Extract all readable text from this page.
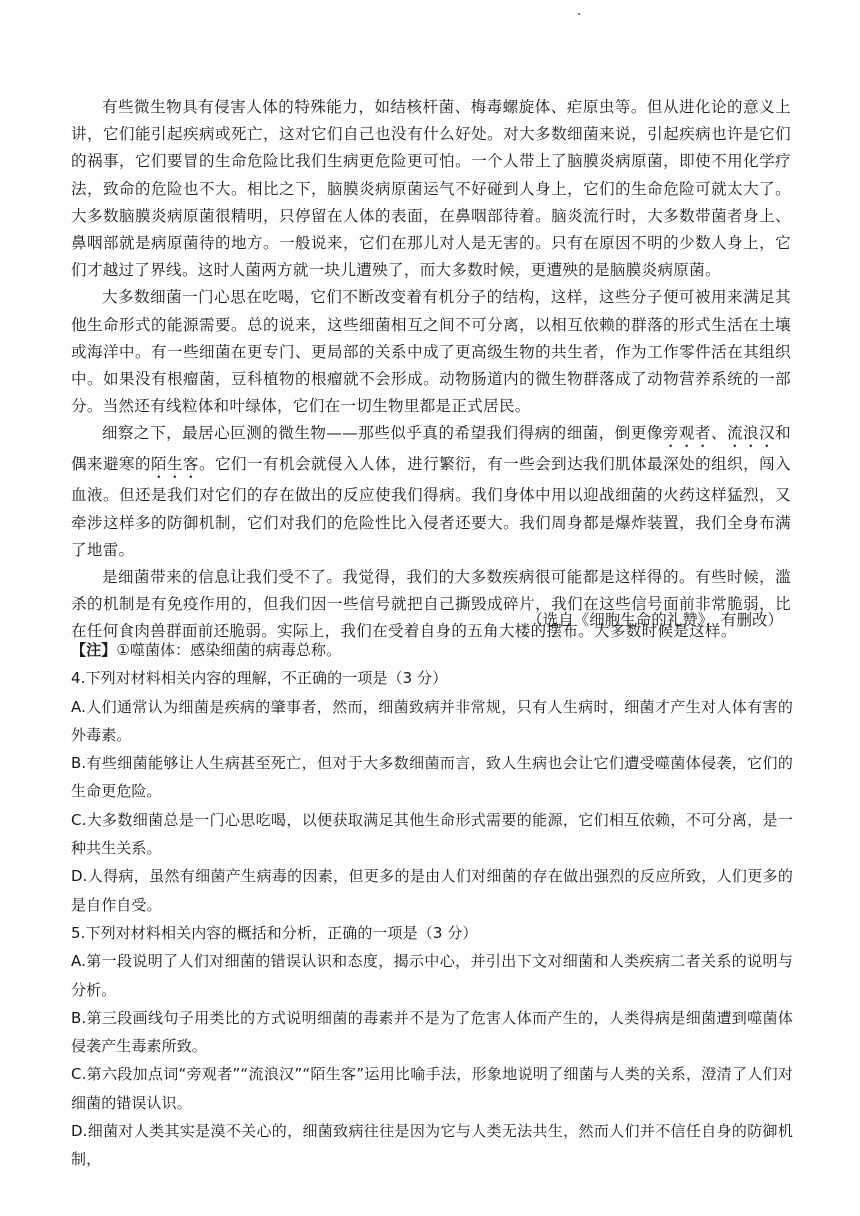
有些微生物具有侵害人体的特殊能力，如结核杆菌、梅毒螺旋体、疟原虫等。但从进化论的意义上讲，它们能引起疾病或死亡，这对它们自己也没有什么好处。对大多数细菌来说，引起疾病也许是它们的祸事，它们要冒的生命危险比我们生病更危险更可怕。一个人带上了脑膜炎病原菌，即使不用化学疗法，致命的危险也不大。相比之下，脑膜炎病原菌运气不好碰到人身上，它们的生命危险可就太大了。大多数脑膜炎病原菌很精明，只停留在人体的表面，在鼻咽部待着。脑炎流行时，大多数带菌者身上、鼻咽部就是病原菌待的地方。一般说来，它们在那儿对人是无害的。只有在原因不明的少数人身上，它们才越过了界线。这时人菌两方就一块儿遭殃了，而大多数时候，更遭殃的是脑膜炎病原菌。

大多数细菌一门心思在吃喝，它们不断改变着有机分子的结构，这样，这些分子便可被用来满足其他生命形式的能源需要。总的说来，这些细菌相互之间不可分离，以相互依赖的群落的形式生活在土壤或海洋中。有一些细菌在更专门、更局部的关系中成了更高级生物的共生者，作为工作零件活在其组织中。如果没有根瘤菌，豆科植物的根瘤就不会形成。动物肠道内的微生物群落成了动物营养系统的一部分。当然还有线粒体和叶绿体，它们在一切生物里都是正式居民。

细察之下，最居心叵测的微生物——那些似乎真的希望我们得病的细菌，倒更像旁观者、流浪汉和偶来避寒的陌生客。它们一有机会就侵入人体，进行繁衍，有一些会到达我们肌体最深处的组织，闯入血液。但还是我们对它们的存在做出的反应使我们得病。我们身体中用以迎战细菌的火药这样猛烈，又牵涉这样多的防御机制，它们对我们的危险性比入侵者还要大。我们周身都是爆炸装置，我们全身布满了地雷。

是细菌带来的信息让我们受不了。我觉得，我们的大多数疾病很可能都是这样得的。有些时候，滥杀的机制是有免疫作用的，但我们因一些信号就把自己撕毁成碎片，我们在这些信号面前非常脆弱，比在任何食肉兽群面前还脆弱。实际上，我们在受着自身的五角大楼的摆布。大多数时候是这样。

（选自《细胞生命的礼赞》，有删改）

【注】①噬菌体：感染细菌的病毒总称。

4.下列对材料相关内容的理解，不正确的一项是（3 分）

A.人们通常认为细菌是疾病的肇事者，然而，细菌致病并非常规，只有人生病时，细菌才产生对人体有害的外毒素。

B.有些细菌能够让人生病甚至死亡，但对于大多数细菌而言，致人生病也会让它们遭受噬菌体侵袭，它们的生命更危险。

C.大多数细菌总是一门心思吃喝，以便获取满足其他生命形式需要的能源，它们相互依赖，不可分离，是一种共生关系。

D.人得病，虽然有细菌产生病毒的因素，但更多的是由人们对细菌的存在做出强烈的反应所致，人们更多的是自作自受。

5.下列对材料相关内容的概括和分析，正确的一项是（3 分）

A.第一段说明了人们对细菌的错误认识和态度，揭示中心，并引出下文对细菌和人类疾病二者关系的说明与分析。

B.第三段画线句子用类比的方式说明细菌的毒素并不是为了危害人体而产生的，人类得病是细菌遭到噬菌体侵袭产生毒素所致。

C.第六段加点词“旁观者”“流浪汉”“陌生客”运用比喻手法，形象地说明了细菌与人类的关系，澄清了人们对细菌的错误认识。

D.细菌对人类其实是漠不关心的，细菌致病往往是因为它与人类无法共生，然而人们并不信任自身的防御机制，
